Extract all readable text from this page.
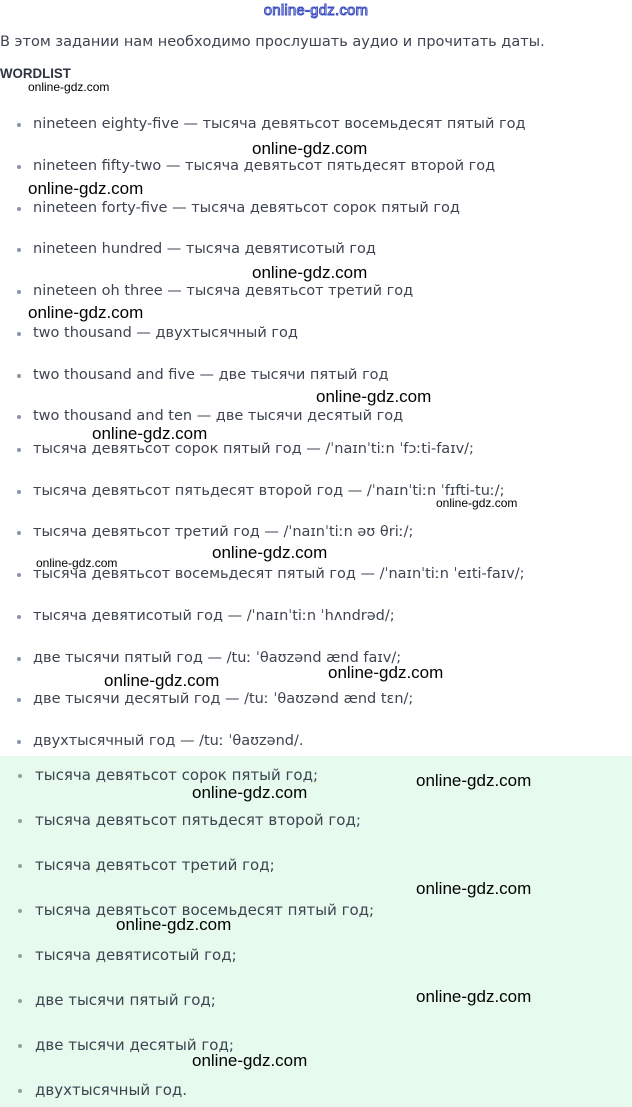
online-gdz.com
В этом задании нам необходимо прослушать аудио и прочитать даты.
WORDLIST
nineteen eighty-five — тысяча девятьсот восемьдесят пятый год
nineteen fifty-two — тысяча девятьсот пятьдесят второй год
nineteen forty-five — тысяча девятьсот сорок пятый год
nineteen hundred — тысяча девятисотый год
nineteen oh three — тысяча девятьсот третий год
two thousand — двухтысячный год
two thousand and five — две тысячи пятый год
two thousand and ten — две тысячи десятый год
тысяча девятьсот сорок пятый год — /ˈnaɪnˈtiːn ˈfɔːti-faɪv/;
тысяча девятьсот пятьдесят второй год — /ˈnaɪnˈtiːn ˈfɪfti-tuː/;
тысяча девятьсот третий год — /ˈnaɪnˈtiːn əʊ θriː/;
тысяча девятьсот восемьдесят пятый год — /ˈnaɪnˈtiːn ˈeɪti-faɪv/;
тысяча девятисотый год — /ˈnaɪnˈtiːn ˈhʌndrəd/;
две тысячи пятый год — /tuː ˈθaʊzənd ænd faɪv/;
две тысячи десятый год — /tuː ˈθaʊzənd ænd tɛn/;
двухтысячный год — /tuː ˈθaʊzənd/.
тысяча девятьсот сорок пятый год;
тысяча девятьсот пятьдесят второй год;
тысяча девятьсот третий год;
тысяча девятьсот восемьдесят пятый год;
тысяча девятисотый год;
две тысячи пятый год;
две тысячи десятый год;
двухтысячный год.
online-gdz.com
online-gdz.com
online-gdz.com
online-gdz.com
online-gdz.com
online-gdz.com
online-gdz.com
online-gdz.com
online-gdz.com
online-gdz.com
online-gdz.com
online-gdz.com
online-gdz.com
online-gdz.com
online-gdz.com
online-gdz.com
online-gdz.com
online-gdz.com
